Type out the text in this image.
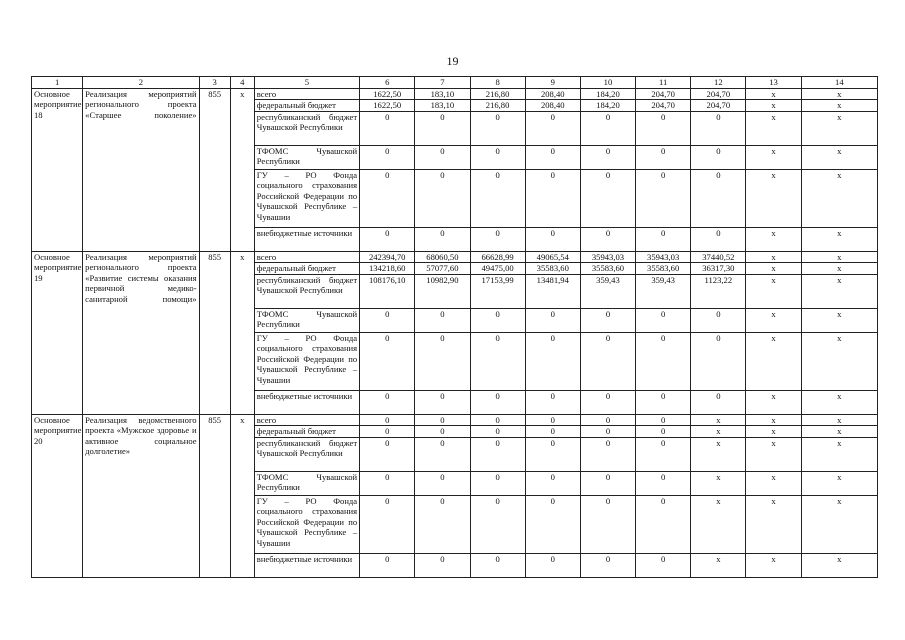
19
1	2	3	4	5	6	7	8	9	10	11	12	13	14
Основное мероприятие 18	Реализация мероприятий регионального проекта «Старшее поколение»	855	x	всего	1622,50	183,10	216,80	208,40	184,20	204,70	204,70	x	x
				федеральный бюджет	1622,50	183,10	216,80	208,40	184,20	204,70	204,70	x	x
				республиканский бюджет Чувашской Республики	0	0	0	0	0	0	0	x	x
				ТФОМС Чувашской Республики	0	0	0	0	0	0	0	x	x
				ГУ – РО Фонда социального страхования Российской Федерации по Чувашской Республике – Чувашии	0	0	0	0	0	0	0	x	x
				внебюджетные источники	0	0	0	0	0	0	0	x	x
Основное мероприятие 19	Реализация мероприятий регионального проекта «Развитие системы оказания первичной медико-санитарной помощи»	855	x	всего	242394,70	68060,50	66628,99	49065,54	35943,03	35943,03	37440,52	x	x
				федеральный бюджет	134218,60	57077,60	49475,00	35583,60	35583,60	35583,60	36317,30	x	x
				республиканский бюджет Чувашской Республики	108176,10	10982,90	17153,99	13481,94	359,43	359,43	1123,22	x	x
				ТФОМС Чувашской Республики	0	0	0	0	0	0	0	x	x
				ГУ – РО Фонда социального страхования Российской Федерации по Чувашской Республике – Чувашии	0	0	0	0	0	0	0	x	x
				внебюджетные источники	0	0	0	0	0	0	0	x	x
Основное мероприятие 20	Реализация ведомственного проекта «Мужское здоровье и активное социальное долголетие»	855	x	всего	0	0	0	0	0	0	x	x	x
				федеральный бюджет	0	0	0	0	0	0	x	x	x
				республиканский бюджет Чувашской Республики	0	0	0	0	0	0	x	x	x
				ТФОМС Чувашской Республики	0	0	0	0	0	0	x	x	x
				ГУ – РО Фонда социального страхования Российской Федерации по Чувашской Республике – Чувашии	0	0	0	0	0	0	x	x	x
				внебюджетные источники	0	0	0	0	0	0	x	x	x
